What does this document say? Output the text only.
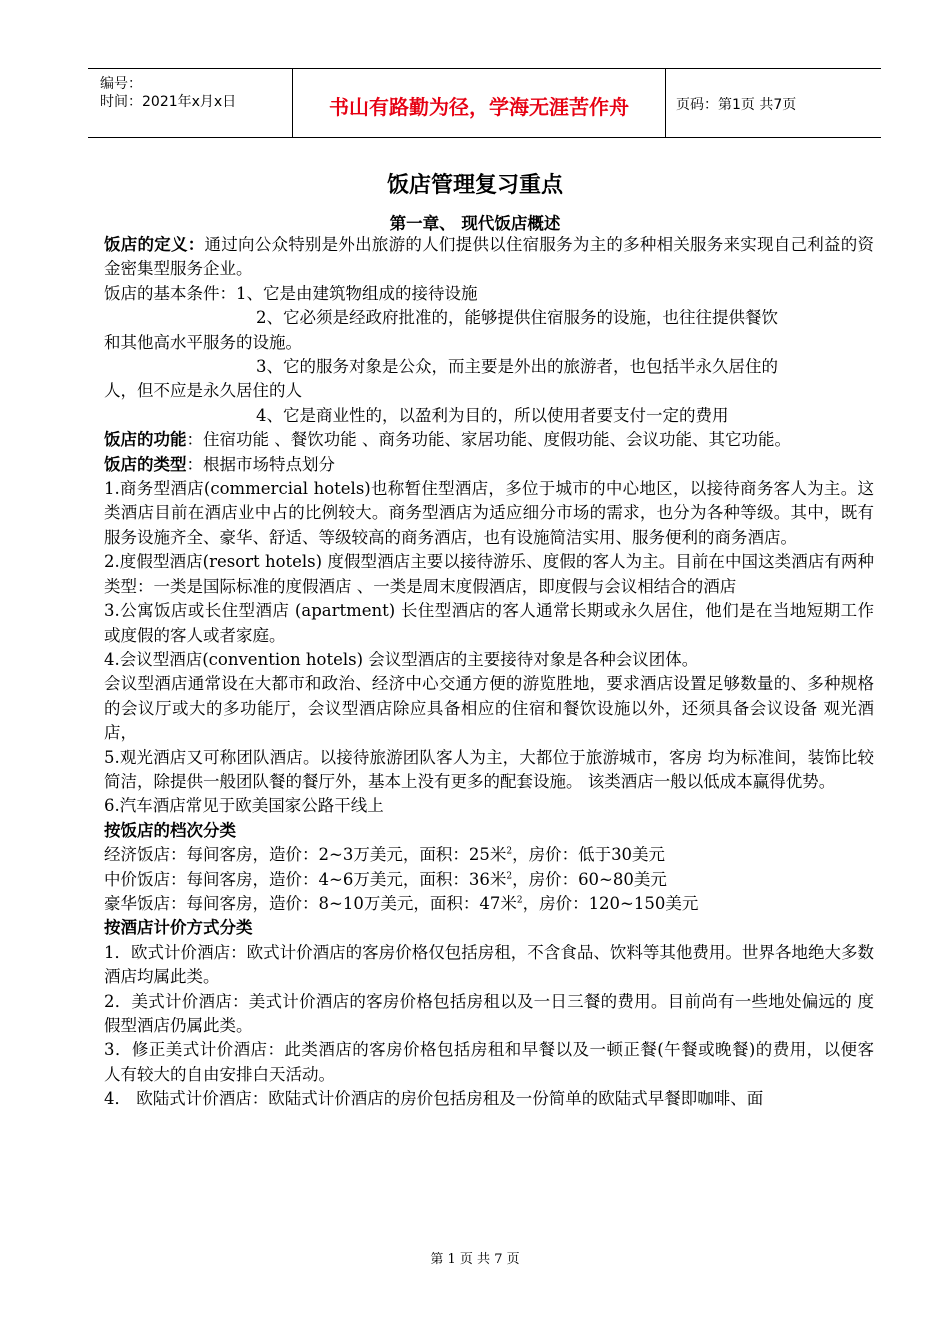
编号：
时间：2021年x月x日	书山有路勤为径，学海无涯苦作舟	页码：第1页 共7页
饭店管理复习重点
第一章、 现代饭店概述

饭店的定义：通过向公众特别是外出旅游的人们提供以住宿服务为主的多种相关服务来实现自己利益的资金密集型服务企业。

饭店的基本条件：1、它是由建筑物组成的接待设施

2、它必须是经政府批准的，能够提供住宿服务的设施，也往往提供餐饮

和其他高水平服务的设施。

3、它的服务对象是公众，而主要是外出的旅游者，也包括半永久居住的

人，但不应是永久居住的人

4、它是商业性的，以盈利为目的，所以使用者要支付一定的费用

饭店的功能：住宿功能 、餐饮功能 、商务功能、家居功能、度假功能、会议功能、其它功能。

饭店的类型：根据市场特点划分

1.商务型酒店(commercial hotels)也称暂住型酒店，多位于城市的中心地区，以接待商务客人为主。这类酒店目前在酒店业中占的比例较大。商务型酒店为适应细分市场的需求，也分为各种等级。其中，既有服务设施齐全、豪华、舒适、等级较高的商务酒店，也有设施简洁实用、服务便利的商务酒店。

2.度假型酒店(resort hotels) 度假型酒店主要以接待游乐、度假的客人为主。目前在中国这类酒店有两种类型：一类是国际标准的度假酒店 、一类是周末度假酒店，即度假与会议相结合的酒店

3.公寓饭店或长住型酒店 (apartment) 长住型酒店的客人通常长期或永久居住，他们是在当地短期工作或度假的客人或者家庭。

4.会议型酒店(convention hotels) 会议型酒店的主要接待对象是各种会议团体。

会议型酒店通常设在大都市和政治、经济中心交通方便的游览胜地，要求酒店设置足够数量的、多种规格的会议厅或大的多功能厅，会议型酒店除应具备相应的住宿和餐饮设施以外，还须具备会议设备 观光酒店，

5.观光酒店又可称团队酒店。以接待旅游团队客人为主，大都位于旅游城市，客房 均为标准间，装饰比较简洁，除提供一般团队餐的餐厅外，基本上没有更多的配套设施。 该类酒店一般以低成本赢得优势。

6.汽车酒店常见于欧美国家公路干线上

按饭店的档次分类

经济饭店：每间客房，造价：2~3万美元，面积：25米$^2$，房价：低于30美元

中价饭店：每间客房，造价：4~6万美元，面积：36米$^2$，房价：60~80美元

豪华饭店：每间客房，造价：8~10万美元，面积：47米$^2$，房价：120~150美元

按酒店计价方式分类

1．欧式计价酒店：欧式计价酒店的客房价格仅包括房租，不含食品、饮料等其他费用。世界各地绝大多数酒店均属此类。

2．美式计价酒店：美式计价酒店的客房价格包括房租以及一日三餐的费用。目前尚有一些地处偏远的 度假型酒店仍属此类。

3．修正美式计价酒店：此类酒店的客房价格包括房租和早餐以及一顿正餐(午餐或晚餐)的费用，以便客 人有较大的自由安排白天活动。

4． 欧陆式计价酒店：欧陆式计价酒店的房价包括房租及一份简单的欧陆式早餐即咖啡、面

第 1 页 共 7 页
